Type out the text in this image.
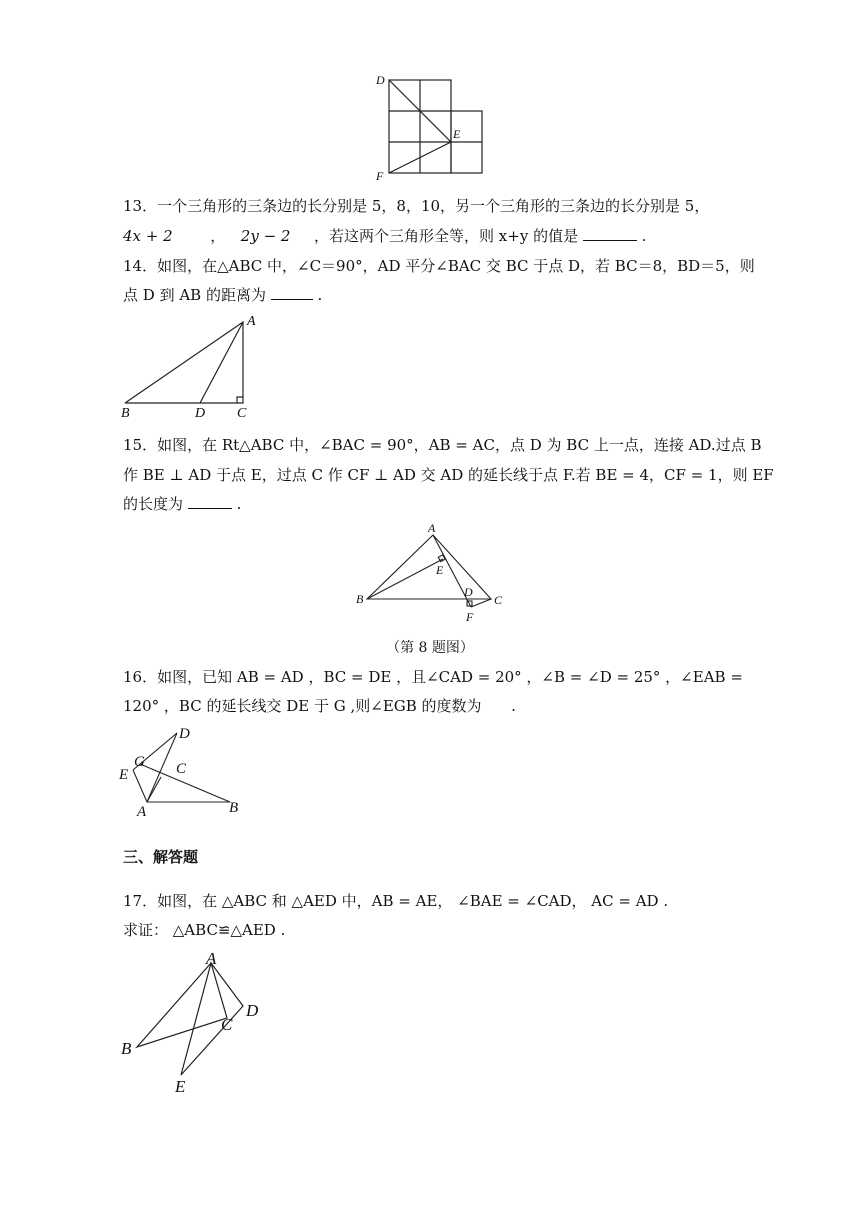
D
E
F
13．一个三角形的三条边的长分别是 5，8，10，另一个三角形的三条边的长分别是 5，
4x + 2	， 2y − 2 ，若这两个三角形全等，则 x+y 的值是	.
14．如图，在△ABC 中，∠C＝90°，AD 平分∠BAC 交 BC 于点 D，若 BC＝8，BD＝5，则
点 D 到 AB 的距离为	.
A
B	D C
15．如图，在 Rt△ABC 中，∠BAC = 90°，AB = AC，点 D 为 BC 上一点，连接 AD.过点 B
作 BE ⊥ AD 于点 E，过点 C 作 CF ⊥ AD 交 AD 的延长线于点 F.若 BE = 4，CF = 1，则 EF
的长度为	.
A
E
B	D
C
F
（第 8 题图）
16．如图，已知 AB = AD ，BC = DE ，且∠CAD = 20° ，∠B = ∠D = 25° ，∠EAB =
120° ，BC 的延长线交 DE 于 G ,则∠EGB 的度数为 .
D
G C
E
A	B
三、解答题
17．如图，在 △ABC 和 △AED 中，AB = AE， ∠BAE = ∠CAD， AC = AD .
求证： △ABC≌△AED .
A
D
C
B
E
